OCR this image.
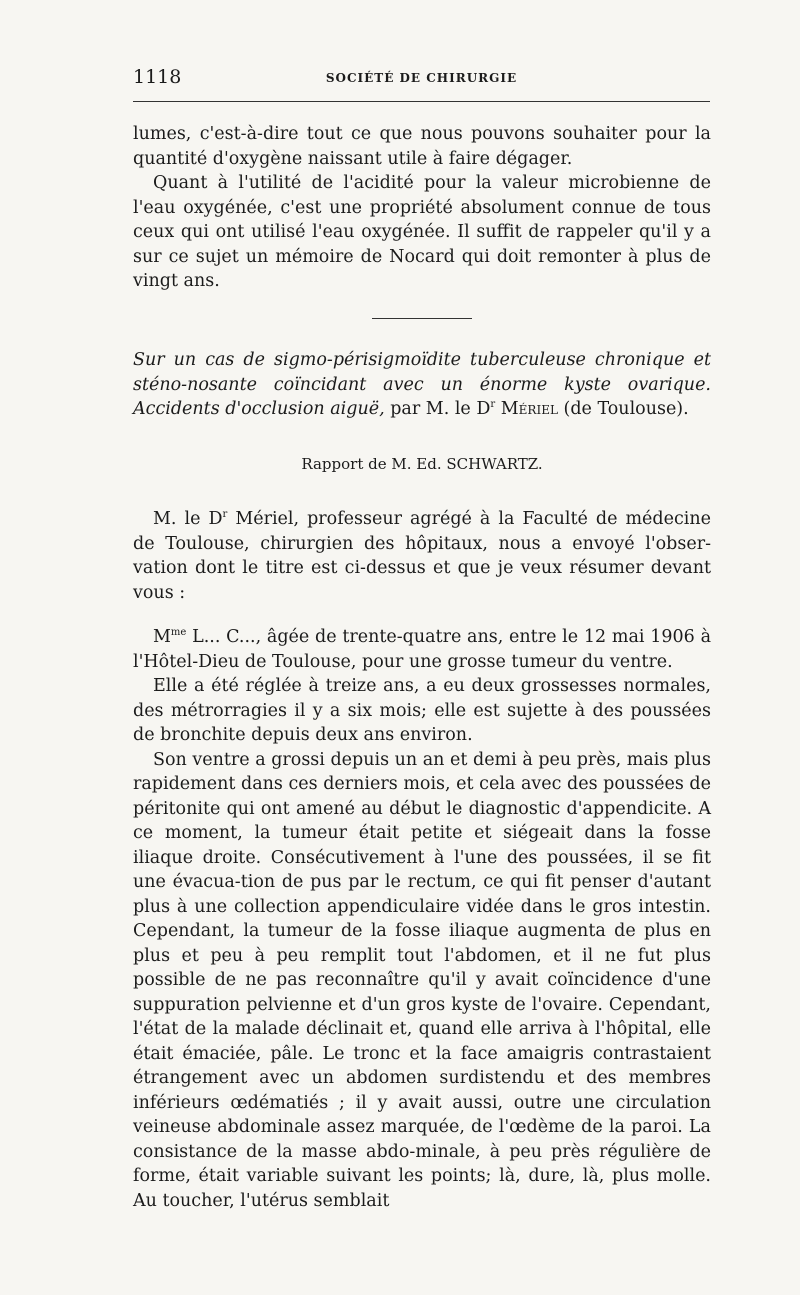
1118	SOCIÉTÉ DE CHIRURGIE

lumes, c'est-à-dire tout ce que nous pouvons souhaiter pour la quantité d'oxygène naissant utile à faire dégager.

Quant à l'utilité de l'acidité pour la valeur microbienne de l'eau oxygénée, c'est une propriété absolument connue de tous ceux qui ont utilisé l'eau oxygénée. Il suffit de rappeler qu'il y a sur ce sujet un mémoire de Nocard qui doit remonter à plus de vingt ans.

Sur un cas de sigmo-périsigmoïdite tuberculeuse chronique et sténo-nosante coïncidant avec un énorme kyste ovarique. Accidents d'occlusion aiguë, par M. le $D^r$ Mériel (de Toulouse).
Rapport de M. Ed. SCHWARTZ.

M. le $D^r$ Mériel, professeur agrégé à la Faculté de médecine de Toulouse, chirurgien des hôpitaux, nous a envoyé l'obser-vation dont le titre est ci-dessus et que je veux résumer devant vous :

$M^{me}$ L... C..., âgée de trente-quatre ans, entre le 12 mai 1906 à l'Hôtel-Dieu de Toulouse, pour une grosse tumeur du ventre.

Elle a été réglée à treize ans, a eu deux grossesses normales, des métrorragies il y a six mois; elle est sujette à des poussées de bronchite depuis deux ans environ.

Son ventre a grossi depuis un an et demi à peu près, mais plus rapidement dans ces derniers mois, et cela avec des poussées de péritonite qui ont amené au début le diagnostic d'appendicite. A ce moment, la tumeur était petite et siégeait dans la fosse iliaque droite. Consécutivement à l'une des poussées, il se fit une évacua-tion de pus par le rectum, ce qui fit penser d'autant plus à une collection appendiculaire vidée dans le gros intestin. Cependant, la tumeur de la fosse iliaque augmenta de plus en plus et peu à peu remplit tout l'abdomen, et il ne fut plus possible de ne pas reconnaître qu'il y avait coïncidence d'une suppuration pelvienne et d'un gros kyste de l'ovaire. Cependant, l'état de la malade déclinait et, quand elle arriva à l'hôpital, elle était émaciée, pâle. Le tronc et la face amaigris contrastaient étrangement avec un abdomen surdistendu et des membres inférieurs œdématiés ; il y avait aussi, outre une circulation veineuse abdominale assez marquée, de l'œdème de la paroi. La consistance de la masse abdo-minale, à peu près régulière de forme, était variable suivant les points; là, dure, là, plus molle. Au toucher, l'utérus semblait
